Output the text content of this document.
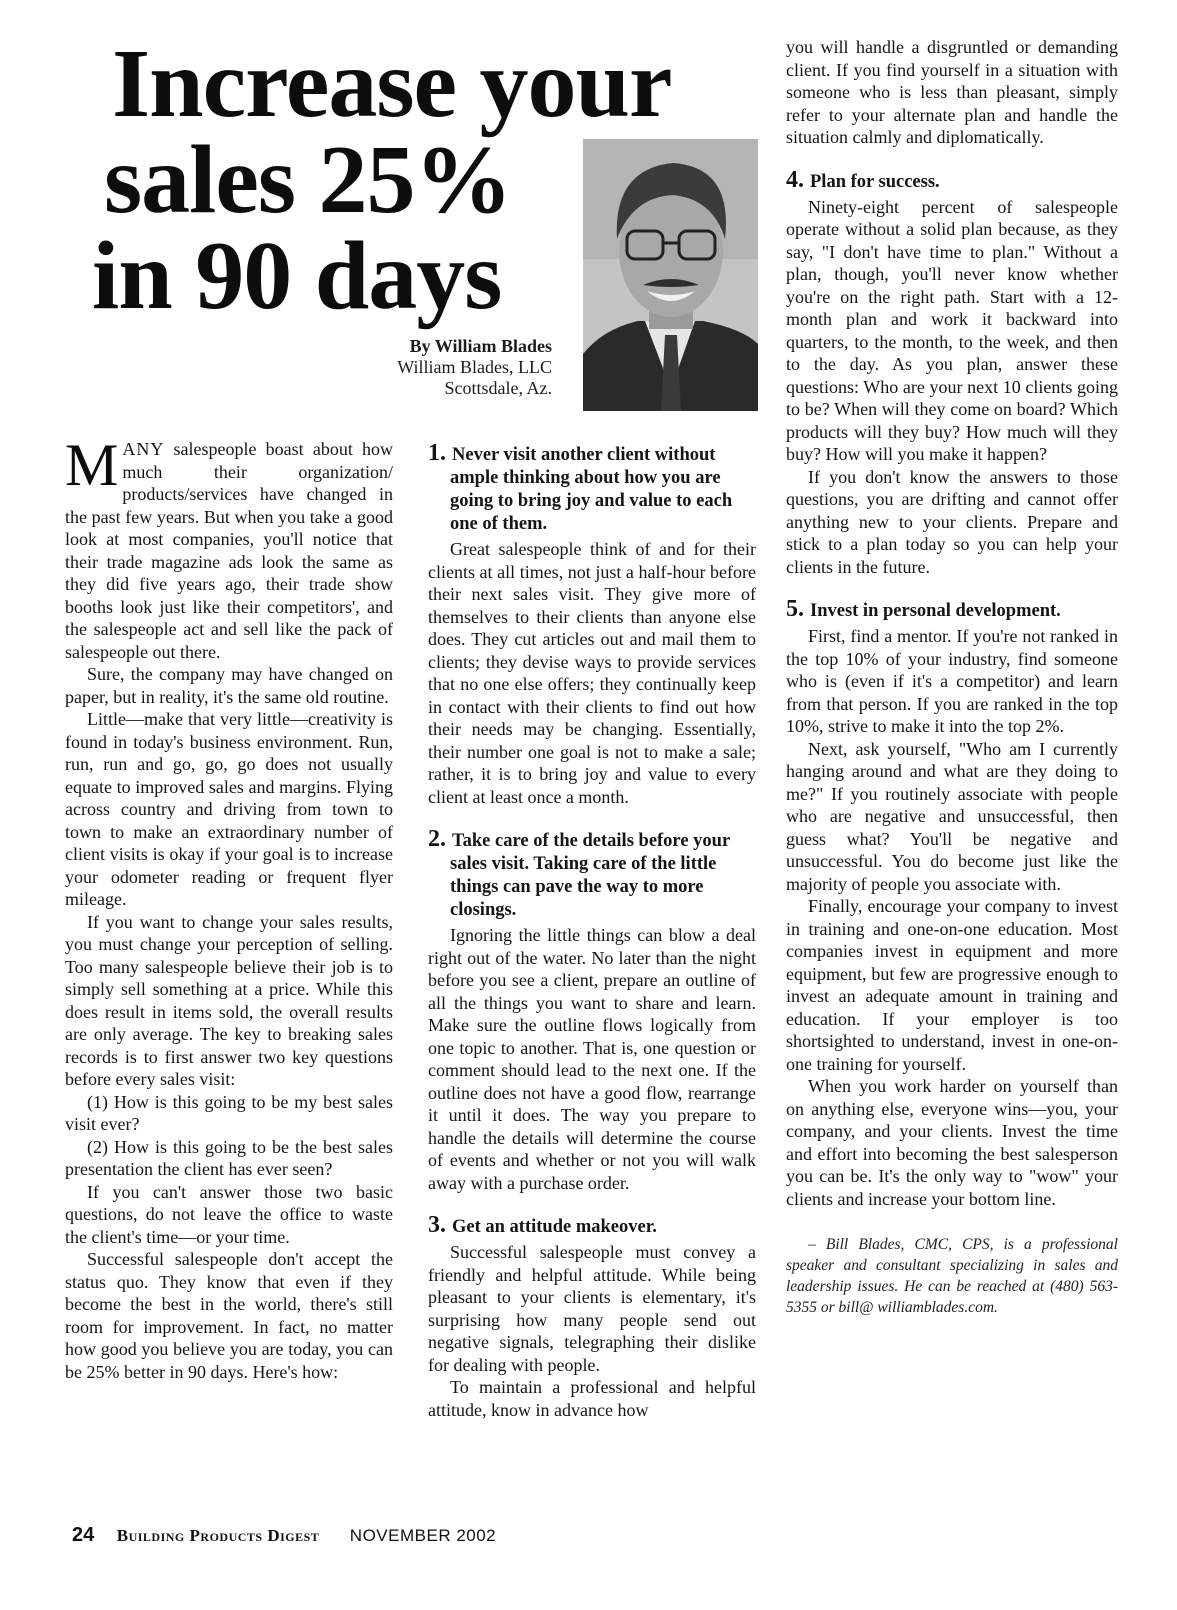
Increase your
sales 25%
in 90 days
By William Blades
William Blades, LLC
Scottsdale, Az.

MANY salespeople boast about how much their organization/ products/services have changed in the past few years. But when you take a good look at most companies, you'll notice that their trade magazine ads look the same as they did five years ago, their trade show booths look just like their competitors', and the salespeople act and sell like the pack of salespeople out there.

Sure, the company may have changed on paper, but in reality, it's the same old routine.

Little—make that very little—creativity is found in today's business environment. Run, run, run and go, go, go does not usually equate to improved sales and margins. Flying across country and driving from town to town to make an extraordinary number of client visits is okay if your goal is to increase your odometer reading or frequent flyer mileage.

If you want to change your sales results, you must change your perception of selling. Too many salespeople believe their job is to simply sell something at a price. While this does result in items sold, the overall results are only average. The key to breaking sales records is to first answer two key questions before every sales visit:

(1) How is this going to be my best sales visit ever?

(2) How is this going to be the best sales presentation the client has ever seen?

If you can't answer those two basic questions, do not leave the office to waste the client's time—or your time.

Successful salespeople don't accept the status quo. They know that even if they become the best in the world, there's still room for improvement. In fact, no matter how good you believe you are today, you can be 25% better in 90 days. Here's how:

1. Never visit another client without ample thinking about how you are going to bring joy and value to each one of them.

Great salespeople think of and for their clients at all times, not just a half-hour before their next sales visit. They give more of themselves to their clients than anyone else does. They cut articles out and mail them to clients; they devise ways to provide services that no one else offers; they continually keep in contact with their clients to find out how their needs may be changing. Essentially, their number one goal is not to make a sale; rather, it is to bring joy and value to every client at least once a month.

2. Take care of the details before your sales visit. Taking care of the little things can pave the way to more closings.

Ignoring the little things can blow a deal right out of the water. No later than the night before you see a client, prepare an outline of all the things you want to share and learn. Make sure the outline flows logically from one topic to another. That is, one question or comment should lead to the next one. If the outline does not have a good flow, rearrange it until it does. The way you prepare to handle the details will determine the course of events and whether or not you will walk away with a purchase order.

3. Get an attitude makeover.

Successful salespeople must convey a friendly and helpful attitude. While being pleasant to your clients is elementary, it's surprising how many people send out negative signals, telegraphing their dislike for dealing with people.

To maintain a professional and helpful attitude, know in advance how

you will handle a disgruntled or demanding client. If you find yourself in a situation with someone who is less than pleasant, simply refer to your alternate plan and handle the situation calmly and diplomatically.

4. Plan for success.

Ninety-eight percent of salespeople operate without a solid plan because, as they say, "I don't have time to plan." Without a plan, though, you'll never know whether you're on the right path. Start with a 12-month plan and work it backward into quarters, to the month, to the week, and then to the day. As you plan, answer these questions: Who are your next 10 clients going to be? When will they come on board? Which products will they buy? How much will they buy? How will you make it happen?

If you don't know the answers to those questions, you are drifting and cannot offer anything new to your clients. Prepare and stick to a plan today so you can help your clients in the future.

5. Invest in personal development.

First, find a mentor. If you're not ranked in the top 10% of your industry, find someone who is (even if it's a competitor) and learn from that person. If you are ranked in the top 10%, strive to make it into the top 2%.

Next, ask yourself, "Who am I currently hanging around and what are they doing to me?" If you routinely associate with people who are negative and unsuccessful, then guess what? You'll be negative and unsuccessful. You do become just like the majority of people you associate with.

Finally, encourage your company to invest in training and one-on-one education. Most companies invest in equipment and more equipment, but few are progressive enough to invest an adequate amount in training and education. If your employer is too shortsighted to understand, invest in one-on-one training for yourself.

When you work harder on yourself than on anything else, everyone wins—you, your company, and your clients. Invest the time and effort into becoming the best salesperson you can be. It's the only way to "wow" your clients and increase your bottom line.

– Bill Blades, CMC, CPS, is a professional speaker and consultant specializing in sales and leadership issues. He can be reached at (480) 563-5355 or bill@ williamblades.com.

24 Building Products Digest NOVEMBER 2002
